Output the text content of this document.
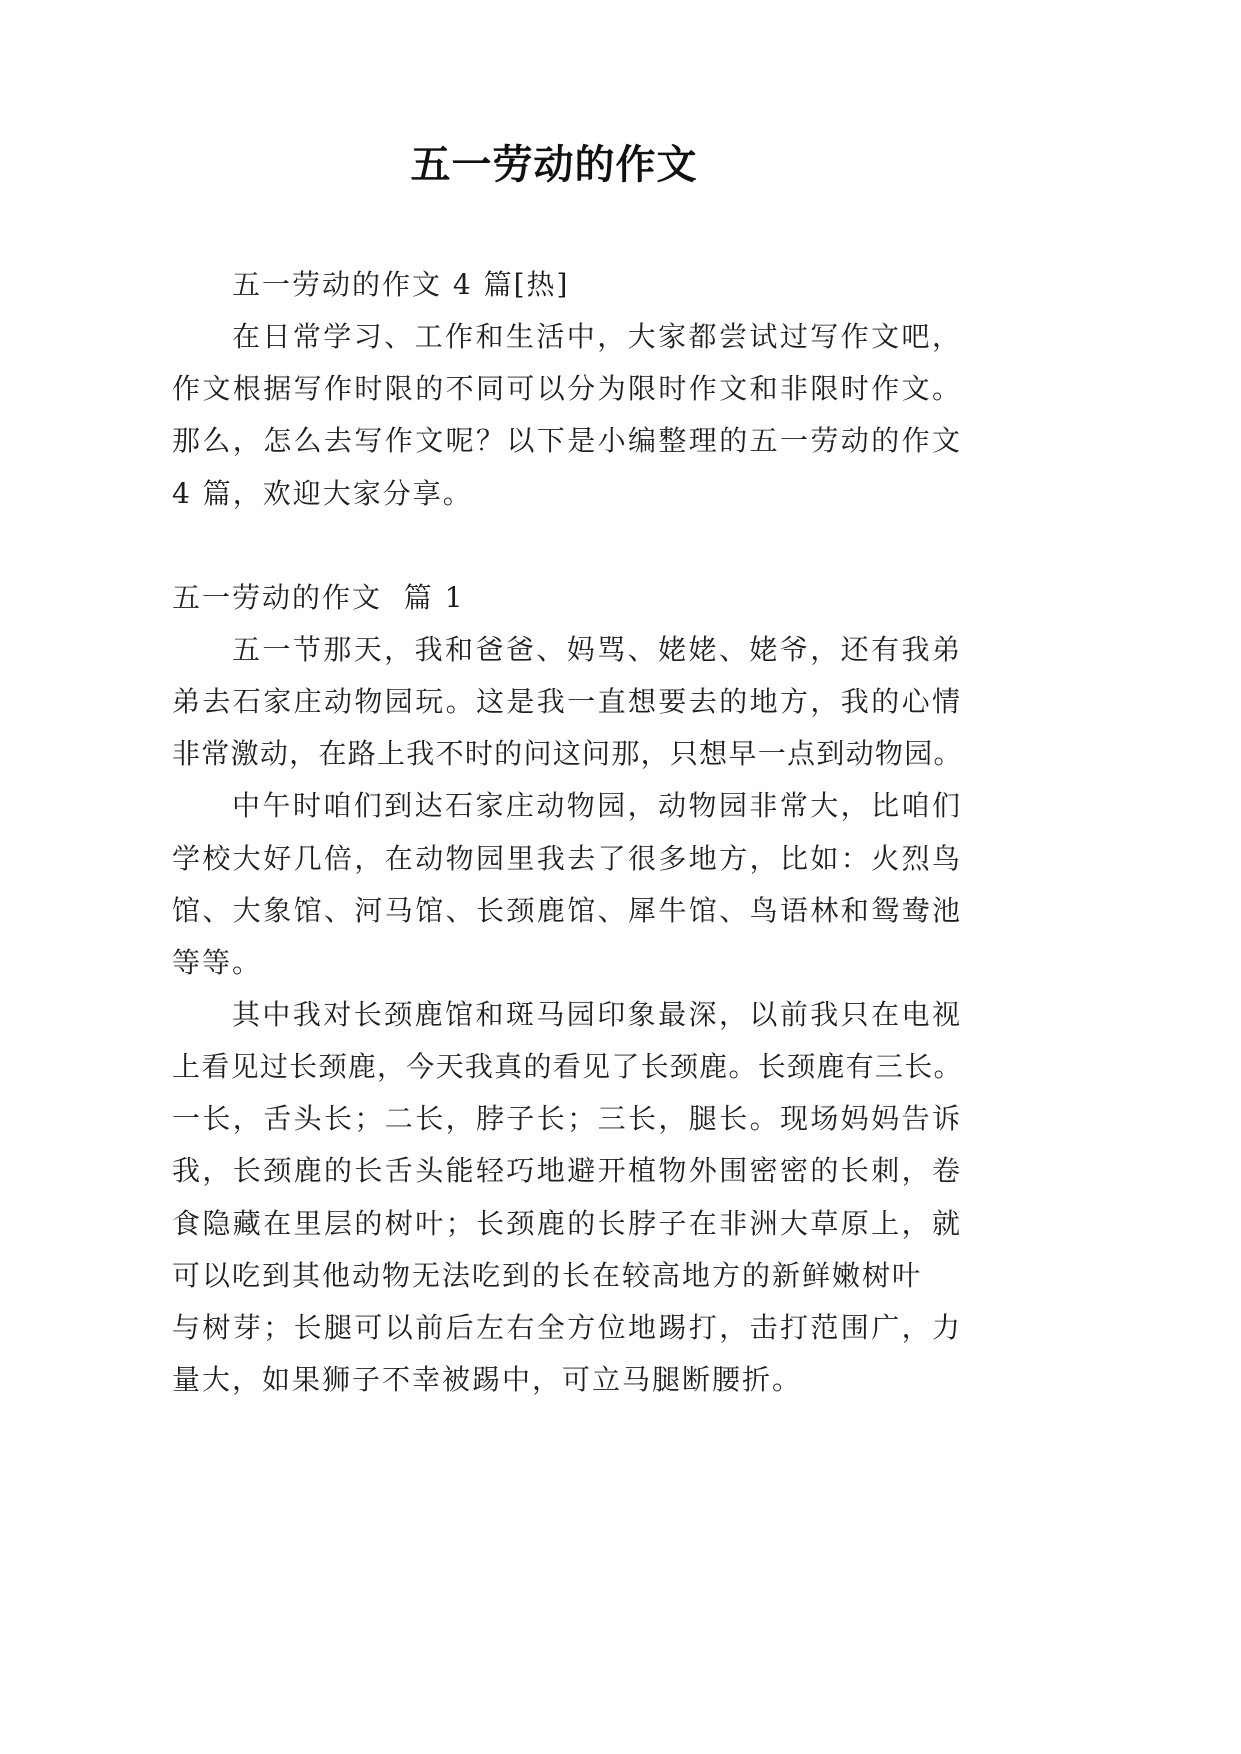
五一劳动的作文
五一劳动的作文 4 篇[热]
在日常学习、工作和生活中，大家都尝试过写作文吧，
作文根据写作时限的不同可以分为限时作文和非限时作文。
那么，怎么去写作文呢？以下是小编整理的五一劳动的作文
4 篇，欢迎大家分享。
五一劳动的作文  篇 1
五一节那天，我和爸爸、妈骂、姥姥、姥爷，还有我弟
弟去石家庄动物园玩。这是我一直想要去的地方，我的心情
非常激动，在路上我不时的问这问那，只想早一点到动物园。
中午时咱们到达石家庄动物园，动物园非常大，比咱们
学校大好几倍，在动物园里我去了很多地方，比如：火烈鸟
馆、大象馆、河马馆、长颈鹿馆、犀牛馆、鸟语林和鸳鸯池
等等。
其中我对长颈鹿馆和斑马园印象最深，以前我只在电视
上看见过长颈鹿，今天我真的看见了长颈鹿。长颈鹿有三长。
一长，舌头长；二长，脖子长；三长，腿长。现场妈妈告诉
我，长颈鹿的长舌头能轻巧地避开植物外围密密的长刺，卷
食隐藏在里层的树叶；长颈鹿的长脖子在非洲大草原上，就
可以吃到其他动物无法吃到的长在较高地方的新鲜嫩树叶
与树芽；长腿可以前后左右全方位地踢打，击打范围广，力
量大，如果狮子不幸被踢中，可立马腿断腰折。
